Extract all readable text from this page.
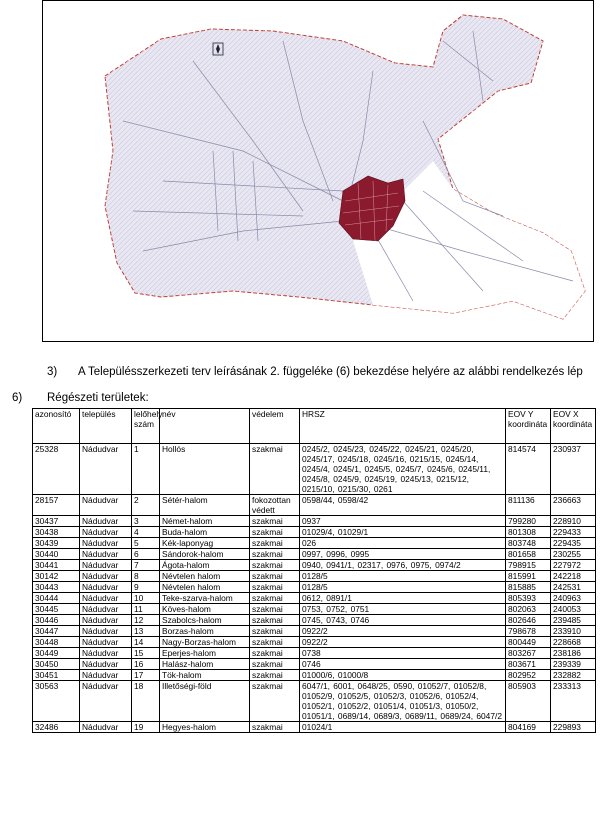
3) A Településszerkezeti terv leírásának 2. függeléke (6) bekezdése helyére az alábbi rendelkezés lép
6) Régészeti területek:
azonosító	település	lelőhely szám	név	védelem	HRSZ	EOV Y koordináta	EOV X koordináta
25328	Nádudvar	1	Hollós	szakmai	0245/2, 0245/23, 0245/22, 0245/21, 0245/20, 0245/17, 0245/18, 0245/16, 0215/15, 0245/14, 0245/4, 0245/1, 0245/5, 0245/7, 0245/6, 0245/11, 0245/8, 0245/9, 0245/19, 0245/13, 0215/12, 0215/10, 0215/30, 0261	814574	230937
28157	Nádudvar	2	Sétér-halom	fokozottan védett	0598/44, 0598/42	811136	236663
30437	Nádudvar	3	Német-halom	szakmai	0937	799280	228910
30438	Nádudvar	4	Buda-halom	szakmai	01029/4, 01029/1	801308	229433
30439	Nádudvar	5	Kék-laponyag	szakmai	026	803748	229435
30440	Nádudvar	6	Sándorok-halom	szakmai	0997, 0996, 0995	801658	230255
30441	Nádudvar	7	Ágota-halom	szakmai	0940, 0941/1, 02317, 0976, 0975, 0974/2	798915	227972
30142	Nádudvar	8	Névtelen halom	szakmai	0128/5	815991	242218
30443	Nádudvar	9	Névtelen halom	szakmai	0128/5	815885	242531
30444	Nádudvar	10	Teke-szarva-halom	szakmai	0612, 0891/1	805393	240963
30445	Nádudvar	11	Köves-halom	szakmai	0753, 0752, 0751	802063	240053
30446	Nádudvar	12	Szabolcs-halom	szakmai	0745, 0743, 0746	802646	239485
30447	Nádudvar	13	Borzas-halom	szakmai	0922/2	798678	233910
30448	Nádudvar	14	Nagy-Borzas-halom	szakmai	0922/2	800449	228668
30449	Nádudvar	15	Eperjes-halom	szakmai	0738	803267	238186
30450	Nádudvar	16	Halász-halom	szakmai	0746	803671	239339
30451	Nádudvar	17	Tök-halom	szakmai	01000/6, 01000/8	802952	232882
30563	Nádudvar	18	Illetőségi-föld	szakmai	6047/1, 6001, 0648/25, 0590, 01052/7, 01052/8, 01052/9, 01052/5, 01052/3, 01052/6, 01052/4, 01052/1, 01052/2, 01051/4, 01051/3, 01050/2, 01051/1, 0689/14, 0689/3, 0689/11, 0689/24, 6047/2	805903	233313
32486	Nádudvar	19	Hegyes-halom	szakmai	01024/1	804169	229893
